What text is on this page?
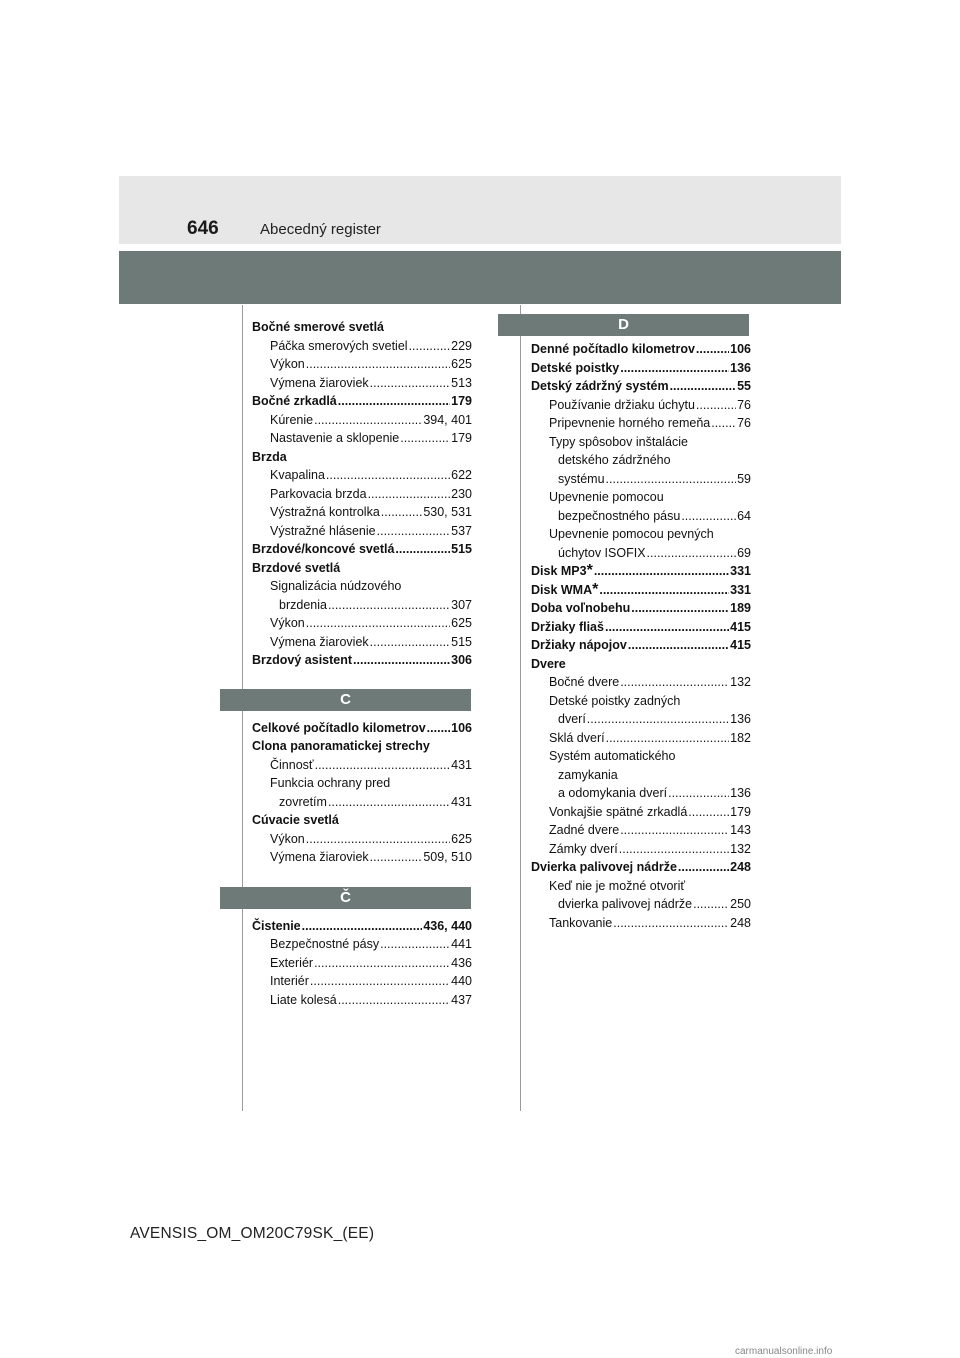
646	Abecedný register
Bočné smerové svetlá
Páčka smerových svetiel .....	229
Výkon .....	625
Výmena žiaroviek .....	513
Bočné zrkadlá .....	179
Kúrenie .....	394, 401
Nastavenie a sklopenie .....	179
Brzda
Kvapalina .....	622
Parkovacia brzda .....	230
Výstražná kontrolka .....	530, 531
Výstražné hlásenie .....	537
Brzdové/koncové svetlá .....	515
Brzdové svetlá
Signalizácia núdzového
brzdenia .....	307
Výkon .....	625
Výmena žiaroviek .....	515
Brzdový asistent .....	306
C
Celkové počítadlo kilometrov ..... 106
Clona panoramatickej strechy
Činnosť .....	431
Funkcia ochrany pred
zovretím .....	431
Cúvacie svetlá
Výkon .....	625
Výmena žiaroviek .....	509, 510
Č
Čistenie .....	436, 440
Bezpečnostné pásy .....	441
Exteriér .....	436
Interiér .....	440
Liate kolesá .....	437
D
Denné počítadlo kilometrov .....	106
Detské poistky .....	136
Detský zádržný systém .....	55
Používanie držiaku úchytu .....	76
Pripevnenie horného remeňa ..... 76
Typy spôsobov inštalácie
detského zádržného
systému .....	59
Upevnenie pomocou
bezpečnostného pásu .....	64
Upevnenie pomocou pevných
úchytov ISOFIX .....	69
Disk MP3 * .....	331
Disk WMA * .....	331
Doba voľnobehu .....	189
Držiaky fliaš .....	415
Držiaky nápojov .....	415
Dvere
Bočné dvere .....	132
Detské poistky zadných
dverí .....	136
Sklá dverí .....	182
Systém automatického
zamykania
a odomykania dverí .....	136
Vonkajšie spätné zrkadlá .....	179
Zadné dvere .....	143
Zámky dverí .....	132
Dvierka palivovej nádrže .....	248
Keď nie je možné otvoriť
dvierka palivovej nádrže .....	250
Tankovanie .....	248
AVENSIS_OM_OM20C79SK_(EE)
carmanualsonline.info
